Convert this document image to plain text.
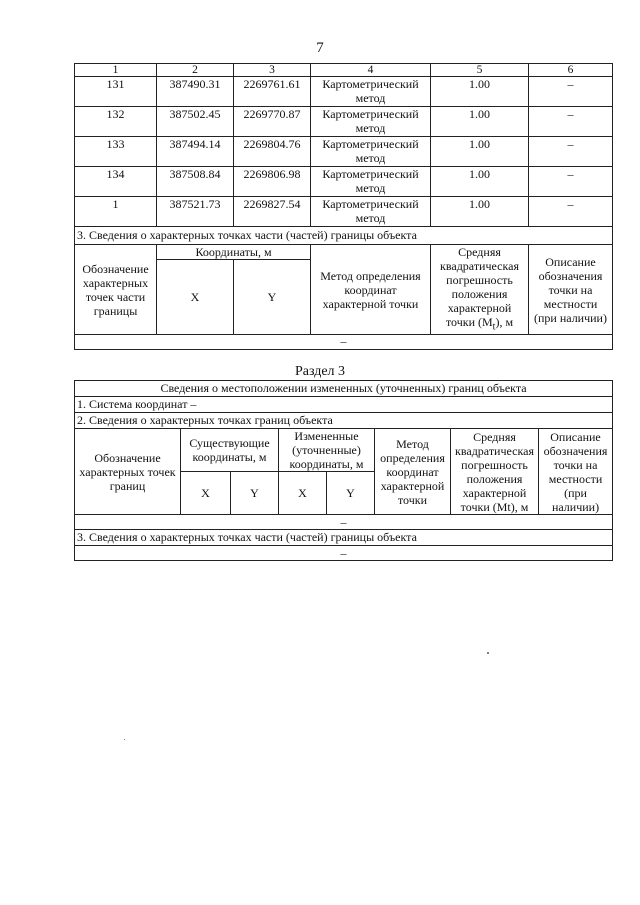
7
1	2	3	4	5	6
131	387490.31	2269761.61	Картометрический метод	1.00	–
132	387502.45	2269770.87	Картометрический метод	1.00	–
133	387494.14	2269804.76	Картометрический метод	1.00	–
134	387508.84	2269806.98	Картометрический метод	1.00	–
1	387521.73	2269827.54	Картометрический метод	1.00	–
3. Сведения о характерных точках части (частей) границы объекта					
Обозначение характерных точек части границы	Координаты, м		Метод определения координат характерной точки	Средняя квадратическая погрешность положения характерной точки $(M_t)$, м	Описание обозначения точки на местности (при наличии)
	X	Y			
–					
Раздел 3
Сведения о местоположении измененных (уточненных) границ объекта							
1. Система координат –							
2. Сведения о характерных точках границ объекта							
Обозначение характерных точек границ	Существующие координаты, м		Измененные (уточненные) координаты, м		Метод определения координат характерной точки	Средняя квадратическая погрешность положения характерной точки (Mt), м	Описание обозначения точки на местности (при наличии)
	X	Y	X	Y			
–							
3. Сведения о характерных точках части (частей) границы объекта							
–							
